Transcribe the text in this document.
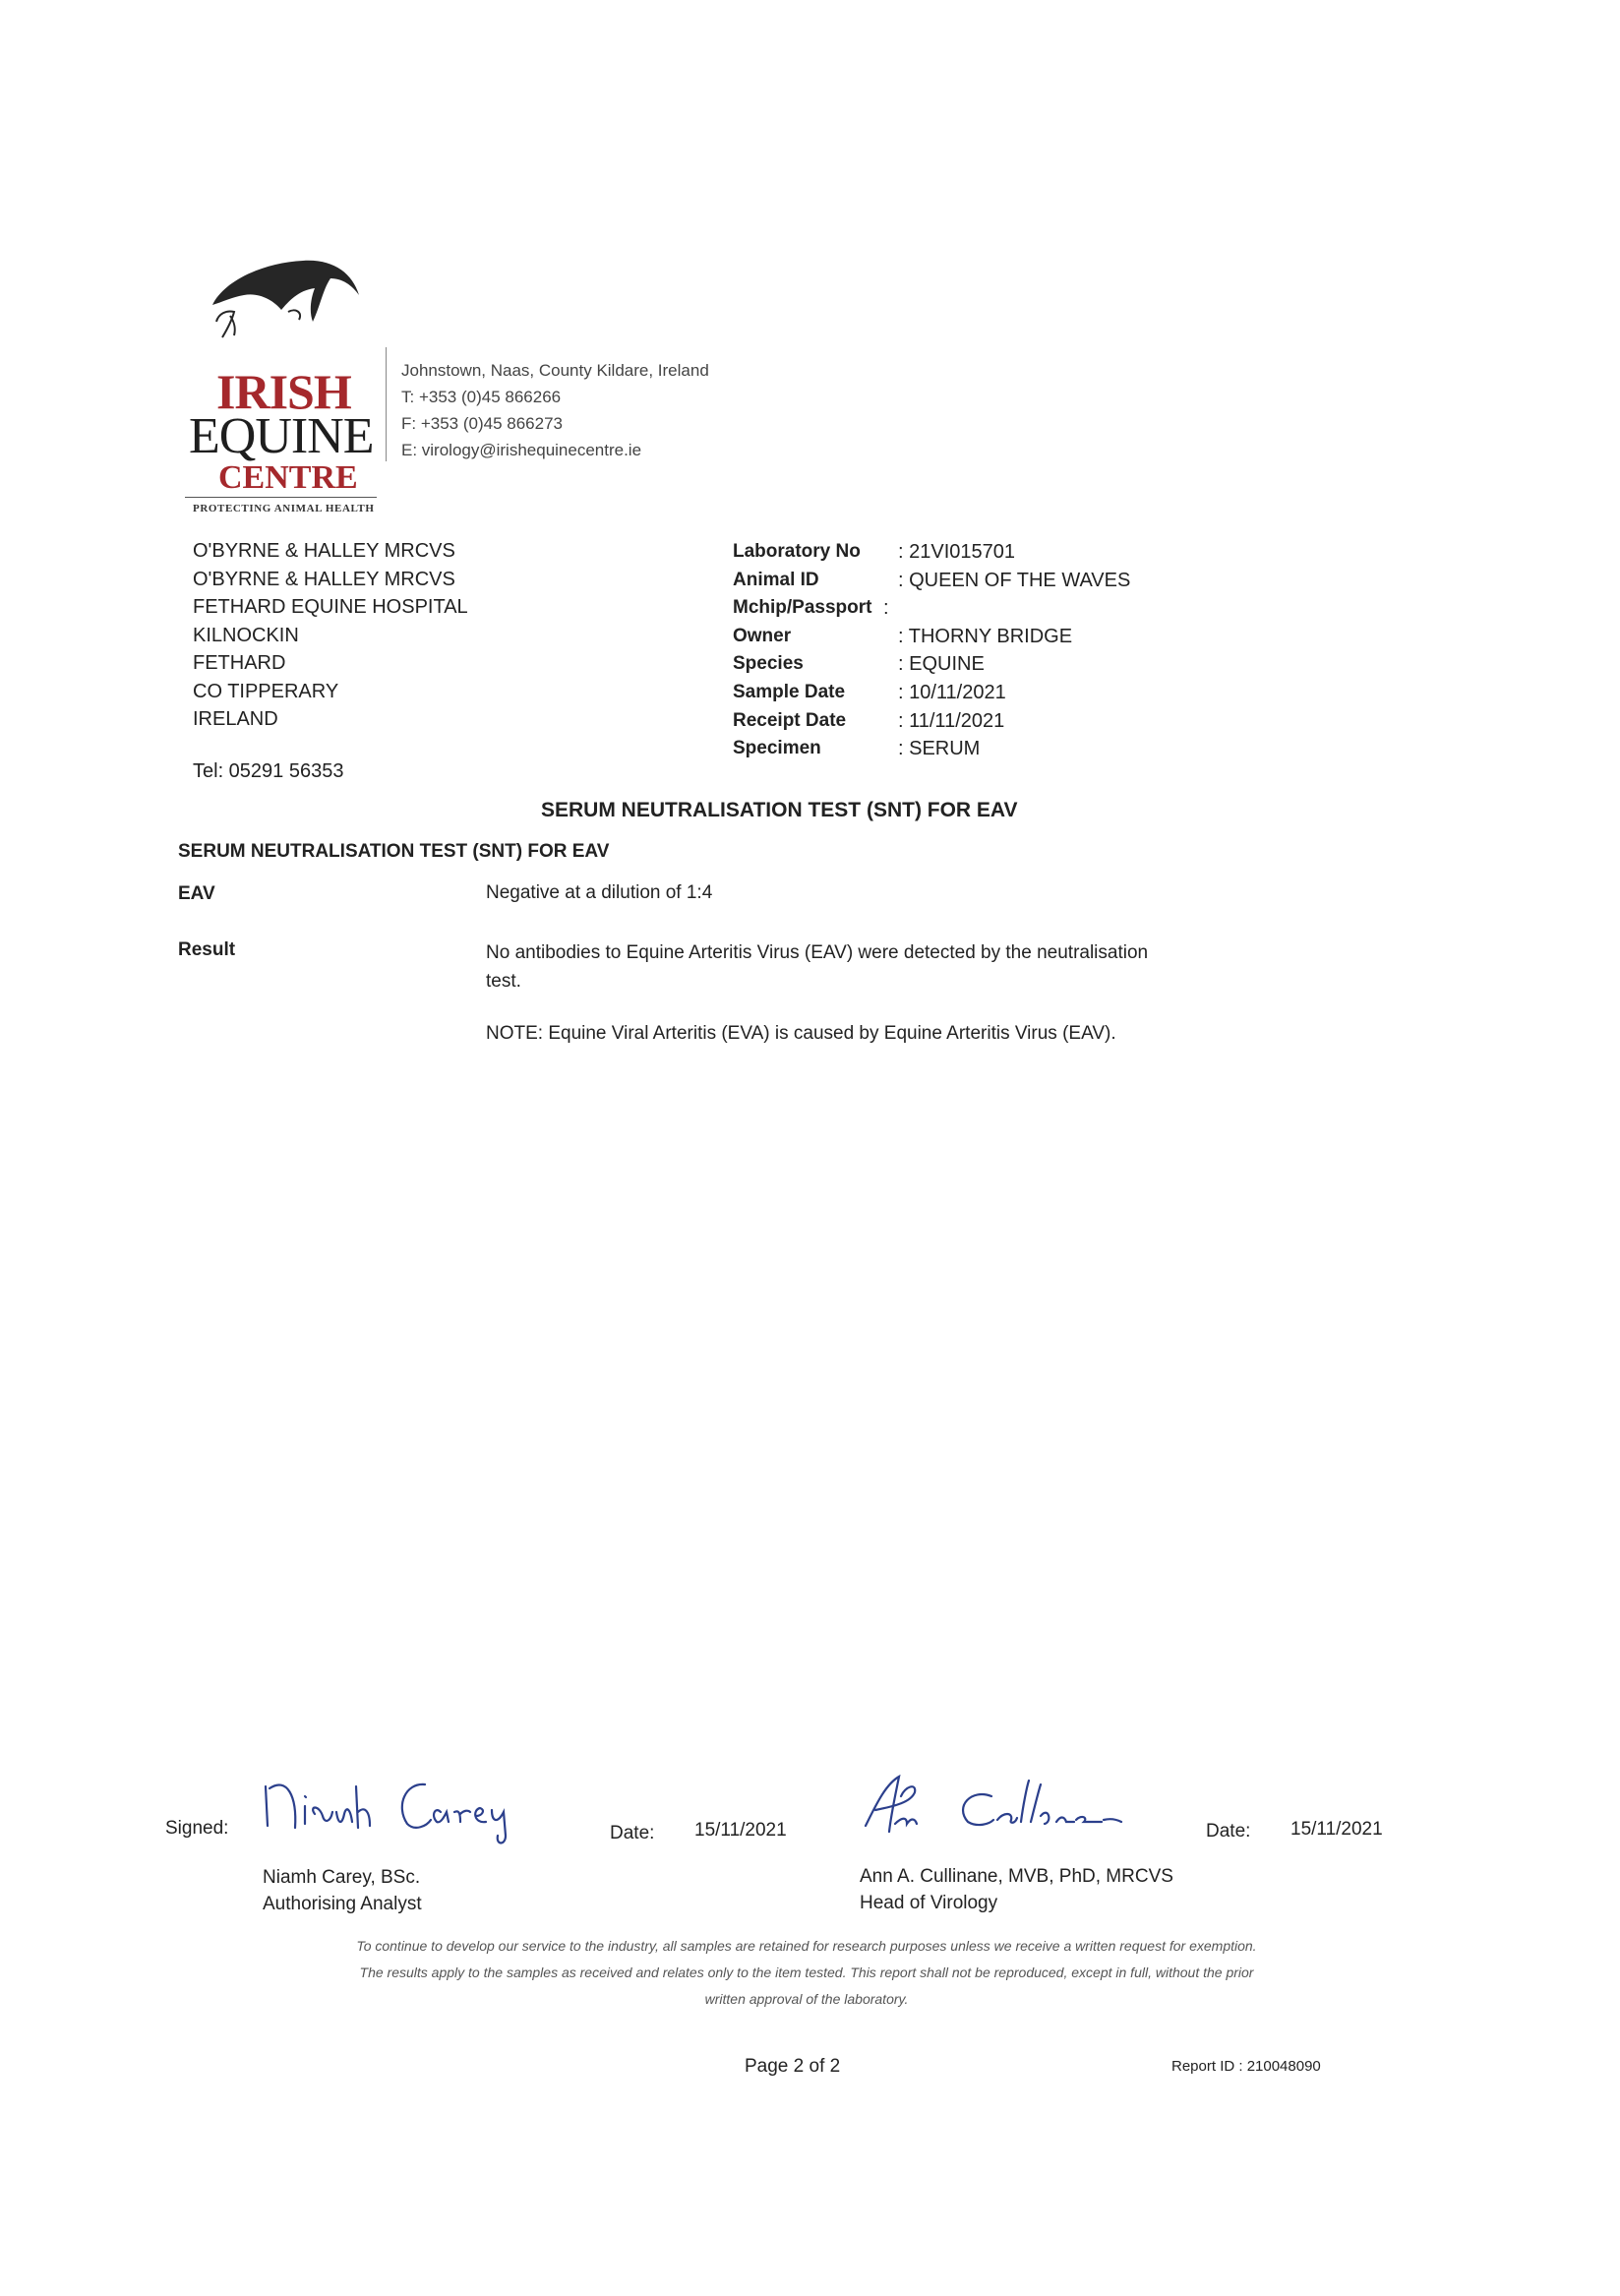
IRISH
EQUINE
CENTRE
PROTECTING ANIMAL HEALTH
Johnstown, Naas, County Kildare, Ireland
T: +353 (0)45 866266
F: +353 (0)45 866273
E: virology@irishequinecentre.ie
O'BYRNE & HALLEY MRCVS
O'BYRNE & HALLEY MRCVS
FETHARD EQUINE HOSPITAL
KILNOCKIN
FETHARD
CO TIPPERARY
IRELAND
Tel: 05291 56353
Laboratory No	: 21VI015701
Animal ID	: QUEEN OF THE WAVES
Mchip/Passport :
Owner	: THORNY BRIDGE
Species	: EQUINE
Sample Date	: 10/11/2021
Receipt Date	: 11/11/2021
Specimen	: SERUM
SERUM NEUTRALISATION TEST (SNT) FOR EAV
SERUM NEUTRALISATION TEST (SNT) FOR EAV
EAV	Negative at a dilution of 1:4
Result	No antibodies to Equine Arteritis Virus (EAV) were detected by the neutralisation test.
NOTE: Equine Viral Arteritis (EVA) is caused by Equine Arteritis Virus (EAV).
Signed:	Date: 15/11/2021	Date: 15/11/2021
Niamh Carey, BSc.
Authorising Analyst
Ann A. Cullinane, MVB, PhD, MRCVS
Head of Virology
To continue to develop our service to the industry, all samples are retained for research purposes unless we receive a written request for exemption.
The results apply to the samples as received and relates only to the item tested. This report shall not be reproduced, except in full, without the prior
written approval of the laboratory.
Page 2 of 2	Report ID : 210048090
